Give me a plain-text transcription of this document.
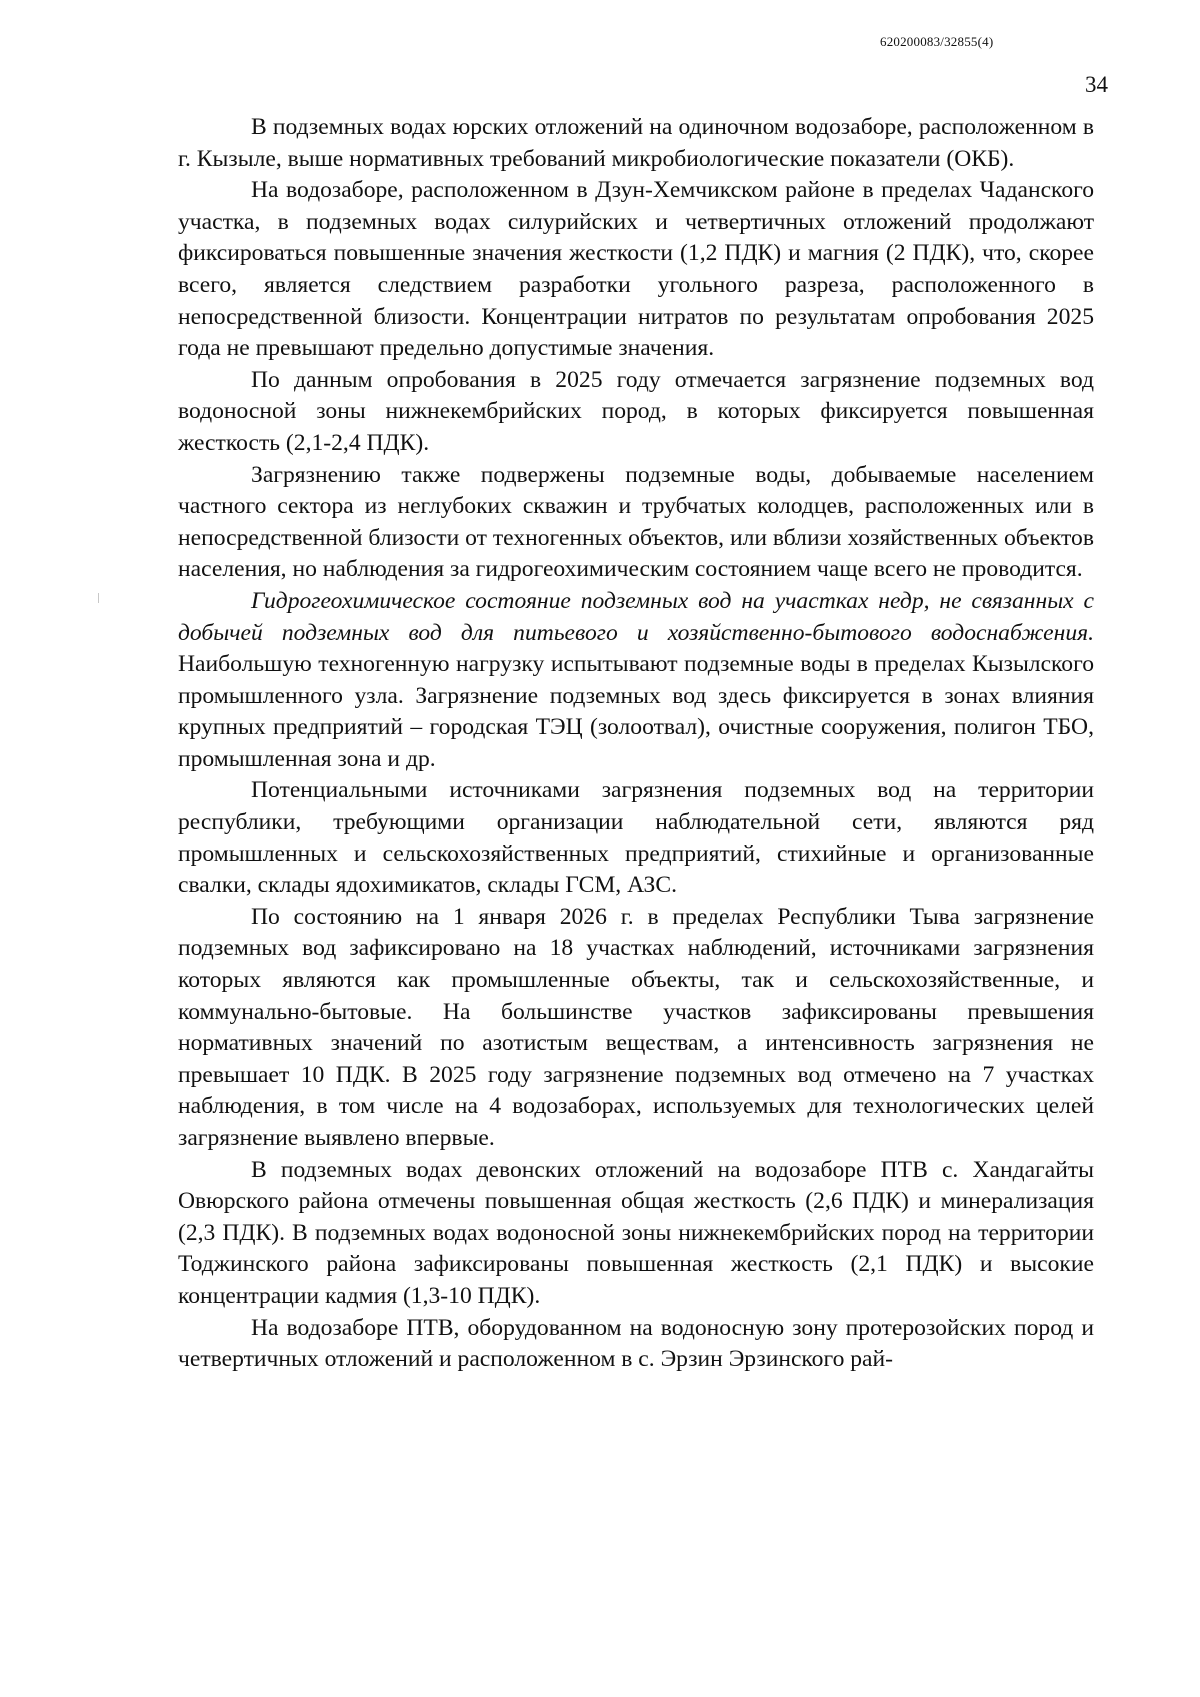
620200083/32855(4)
34

В подземных водах юрских отложений на одиночном водозаборе, расположенном в г. Кызыле, выше нормативных требований микробиологические показатели (ОКБ).

На водозаборе, расположенном в Дзун-Хемчикском районе в пределах Чаданского участка, в подземных водах силурийских и четвертичных отложений продолжают фиксироваться повышенные значения жесткости (1,2 ПДК) и магния (2 ПДК), что, скорее всего, является следствием разработки угольного разреза, расположенного в непосредственной близости. Концентрации нитратов по результатам опробования 2025 года не превышают предельно допустимые значения.

По данным опробования в 2025 году отмечается загрязнение подземных вод водоносной зоны нижнекембрийских пород, в которых фиксируется повышенная жесткость (2,1-2,4 ПДК).

Загрязнению также подвержены подземные воды, добываемые населением частного сектора из неглубоких скважин и трубчатых колодцев, расположенных или в непосредственной близости от техногенных объектов, или вблизи хозяйственных объектов населения, но наблюдения за гидрогеохимическим состоянием чаще всего не проводится.

Гидрогеохимическое состояние подземных вод на участках недр, не связанных с добычей подземных вод для питьевого и хозяйственно-бытового водоснабжения. Наибольшую техногенную нагрузку испытывают подземные воды в пределах Кызылского промышленного узла. Загрязнение подземных вод здесь фиксируется в зонах влияния крупных предприятий – городская ТЭЦ (золоотвал), очистные сооружения, полигон ТБО, промышленная зона и др.

Потенциальными источниками загрязнения подземных вод на территории республики, требующими организации наблюдательной сети, являются ряд промышленных и сельскохозяйственных предприятий, стихийные и организованные свалки, склады ядохимикатов, склады ГСМ, АЗС.

По состоянию на 1 января 2026 г. в пределах Республики Тыва загрязнение подземных вод зафиксировано на 18 участках наблюдений, источниками загрязнения которых являются как промышленные объекты, так и сельскохозяйственные, и коммунально-бытовые. На большинстве участков зафиксированы превышения нормативных значений по азотистым веществам, а интенсивность загрязнения не превышает 10 ПДК. В 2025 году загрязнение подземных вод отмечено на 7 участках наблюдения, в том числе на 4 водозаборах, используемых для технологических целей загрязнение выявлено впервые.

В подземных водах девонских отложений на водозаборе ПТВ с. Хандагайты Овюрского района отмечены повышенная общая жесткость (2,6 ПДК) и минерализация (2,3 ПДК). В подземных водах водоносной зоны нижнекембрийских пород на территории Тоджинского района зафиксированы повышенная жесткость (2,1 ПДК) и высокие концентрации кадмия (1,3-10 ПДК).

На водозаборе ПТВ, оборудованном на водоносную зону протерозойских пород и четвертичных отложений и расположенном в с. Эрзин Эрзинского рай-
